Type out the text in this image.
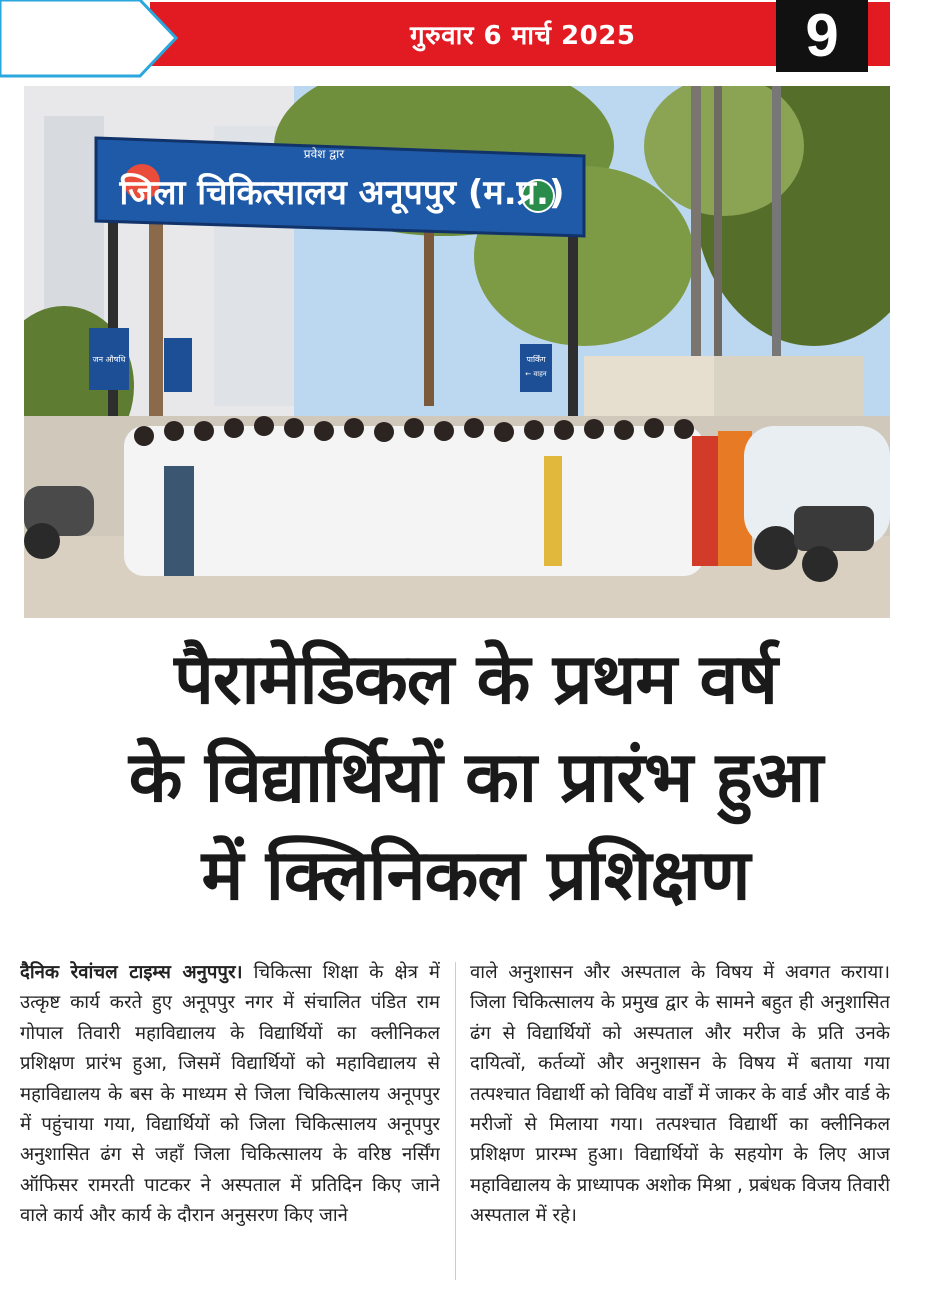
गुरुवार 6 मार्च 2025	9
प्रवेश द्वार
जिला चिकित्सालय अनूपपुर (म.प्र.)
जन औषधि	पार्किंग
← वाहन
पैरामेडिकल के प्रथम वर्ष
के विद्यार्थियों का प्रारंभ हुआ
में क्लिनिकल प्रशिक्षण
दैनिक रेवांचल टाइम्स अनुपपुर। चिकित्सा शिक्षा के क्षेत्र में उत्कृष्ट कार्य करते हुए अनूपपुर नगर में संचालित पंडित राम गोपाल तिवारी महाविद्यालय के विद्यार्थियों का क्लीनिकल प्रशिक्षण प्रारंभ हुआ, जिसमें विद्यार्थियों को महाविद्यालय से महाविद्यालय के बस के माध्यम से जिला चिकित्सालय अनूपपुर में पहुंचाया गया, विद्यार्थियों को जिला चिकित्सालय अनूपपुर अनुशासित ढंग से जहाँ जिला चिकित्सालय के वरिष्ठ नर्सिंग ऑफिसर रामरती पाटकर ने अस्पताल में प्रतिदिन किए जाने वाले कार्य और कार्य के दौरान अनुसरण किए जाने
वाले अनुशासन और अस्पताल के विषय में अवगत कराया। जिला चिकित्सालय के प्रमुख द्वार के सामने बहुत ही अनुशासित ढंग से विद्यार्थियों को अस्पताल और मरीज के प्रति उनके दायित्वों, कर्तव्यों और अनुशासन के विषय में बताया गया तत्पश्चात विद्यार्थी को विविध वार्डों में जाकर के वार्ड और वार्ड के मरीजों से मिलाया गया। तत्पश्चात विद्यार्थी का क्लीनिकल प्रशिक्षण प्रारम्भ हुआ। विद्यार्थियों के सहयोग के लिए आज महाविद्यालय के प्राध्यापक अशोक मिश्रा , प्रबंधक विजय तिवारी अस्पताल में रहे।
